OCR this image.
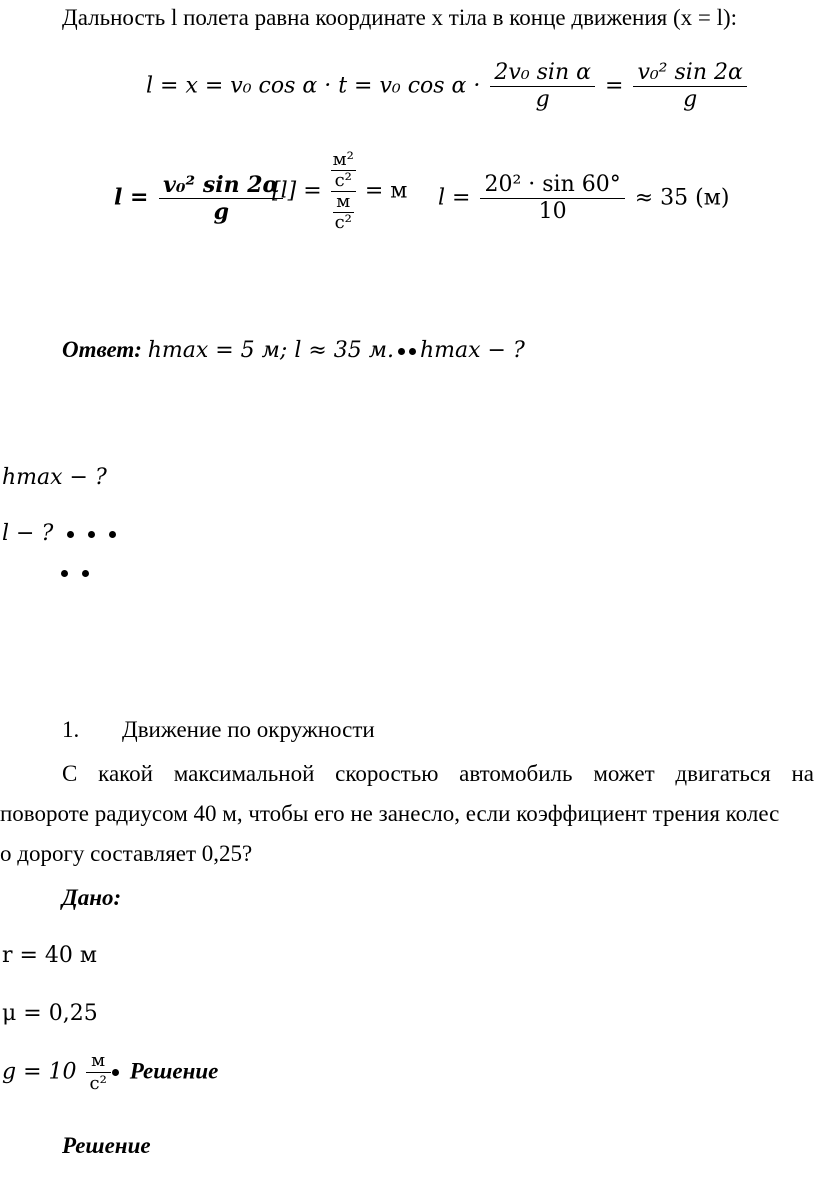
Дальность l полета равна координате x тіла в конце движения (x = l):
l = x = v₀ cos α · t = v₀ $\cos \alpha \cdot \frac{\text{2v₀ sin α}}{g} = \frac{\text{v₀² sin 2α}}{g}$
$l = \frac{\text{v₀² sin 2α}}{g}$
$[l] = \frac{\frac{\text{м²}}{\text{с²}}}{\frac{м}{\text{с²}}} = м$ $l = \frac{\text{20² · sin 60°}}{10} \approx 35$ (м)
Ответ: hmax = 5 м; l ≈ 35 м. hmax − ?
hmax − ?
l − ?
1. Движение по окружности
С какой максимальной скоростью автомобиль может двигаться на
повороте радиусом 40 м, чтобы его не занесло, если коэффициент трения колес
о дорогу составляет 0,25?
Дано:
r = 40 м
μ = 0,25
$g = 10 \frac{м}{\text{с²}}$ Решение
Решение
